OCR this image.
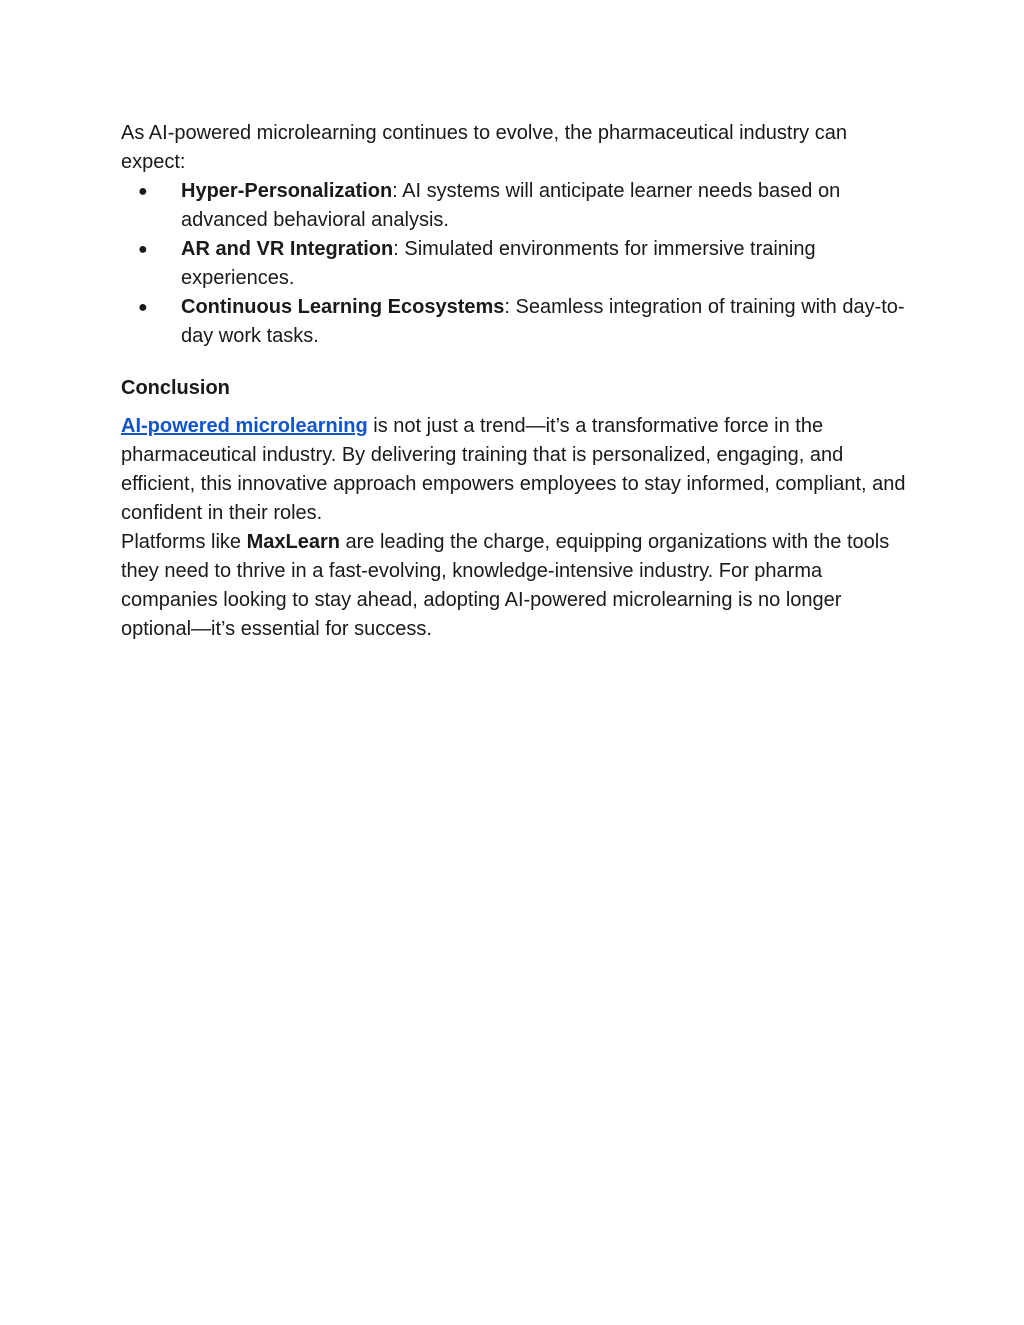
As AI-powered microlearning continues to evolve, the pharmaceutical industry can expect:

●	Hyper-Personalization: AI systems will anticipate learner needs based on advanced behavioral analysis.
●	AR and VR Integration: Simulated environments for immersive training experiences.
●	Continuous Learning Ecosystems: Seamless integration of training with day-to-day work tasks.

Conclusion

AI-powered microlearning is not just a trend—it’s a transformative force in the pharmaceutical industry. By delivering training that is personalized, engaging, and efficient, this innovative approach empowers employees to stay informed, compliant, and confident in their roles.

Platforms like MaxLearn are leading the charge, equipping organizations with the tools they need to thrive in a fast-evolving, knowledge-intensive industry. For pharma companies looking to stay ahead, adopting AI-powered microlearning is no longer optional—it’s essential for success.
